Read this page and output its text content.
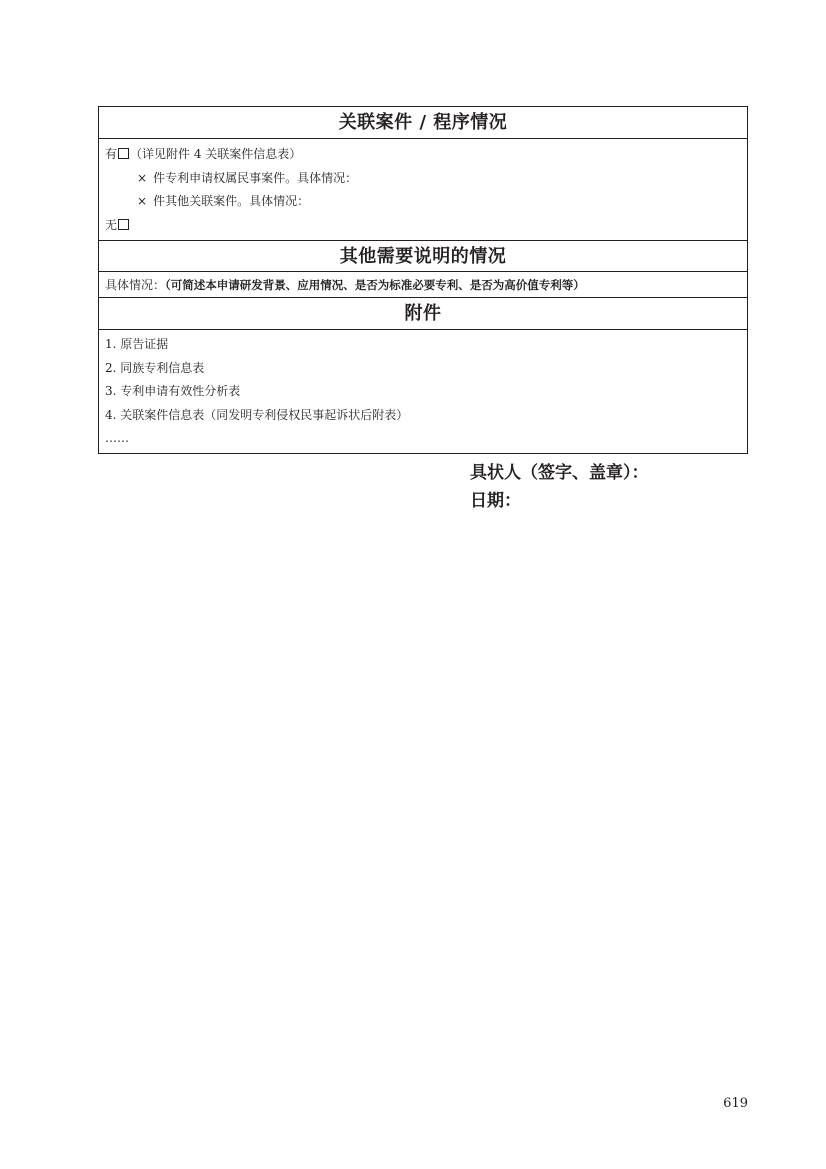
关联案件 / 程序情况
有 （详见附件 4 关联案件信息表）
× 件专利申请权属民事案件。具体情况：
× 件其他关联案件。具体情况：
无
其他需要说明的情况
具体情况：（可简述本申请研发背景、应用情况、是否为标准必要专利、是否为高价值专利等）
附件
1. 原告证据
2. 同族专利信息表
3. 专利申请有效性分析表
4. 关联案件信息表（同发明专利侵权民事起诉状后附表）
……
具状人（签字、盖章）：
日期：
619
